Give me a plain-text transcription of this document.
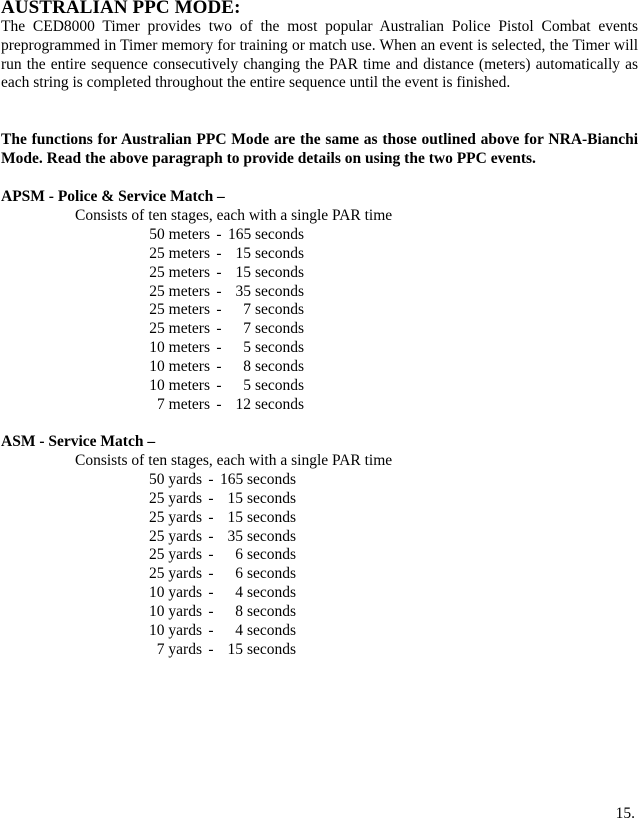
AUSTRALIAN PPC MODE:

The CED8000 Timer provides two of the most popular Australian Police Pistol Combat events preprogrammed in Timer memory for training or match use. When an event is selected, the Timer will run the entire sequence consecutively changing the PAR time and distance (meters) automatically as each string is completed throughout the entire sequence until the event is finished.

The functions for Australian PPC Mode are the same as those outlined above for NRA-Bianchi Mode. Read the above paragraph to provide details on using the two PPC events.

APSM - Police & Service Match –

Consists of ten stages, each with a single PAR time

50 meters - 165 seconds
25 meters - 15 seconds
25 meters - 15 seconds
25 meters - 35 seconds
25 meters -	7 seconds
25 meters -	7 seconds
10 meters -	5 seconds
10 meters -	8 seconds
10 meters -	5 seconds
7 meters - 12 seconds

ASM - Service Match –

Consists of ten stages, each with a single PAR time

50 yards - 165 seconds
25 yards - 15 seconds
25 yards - 15 seconds
25 yards - 35 seconds
25 yards -	6 seconds
25 yards -	6 seconds
10 yards -	4 seconds
10 yards -	8 seconds
10 yards -	4 seconds
7 yards - 15 seconds

15.
